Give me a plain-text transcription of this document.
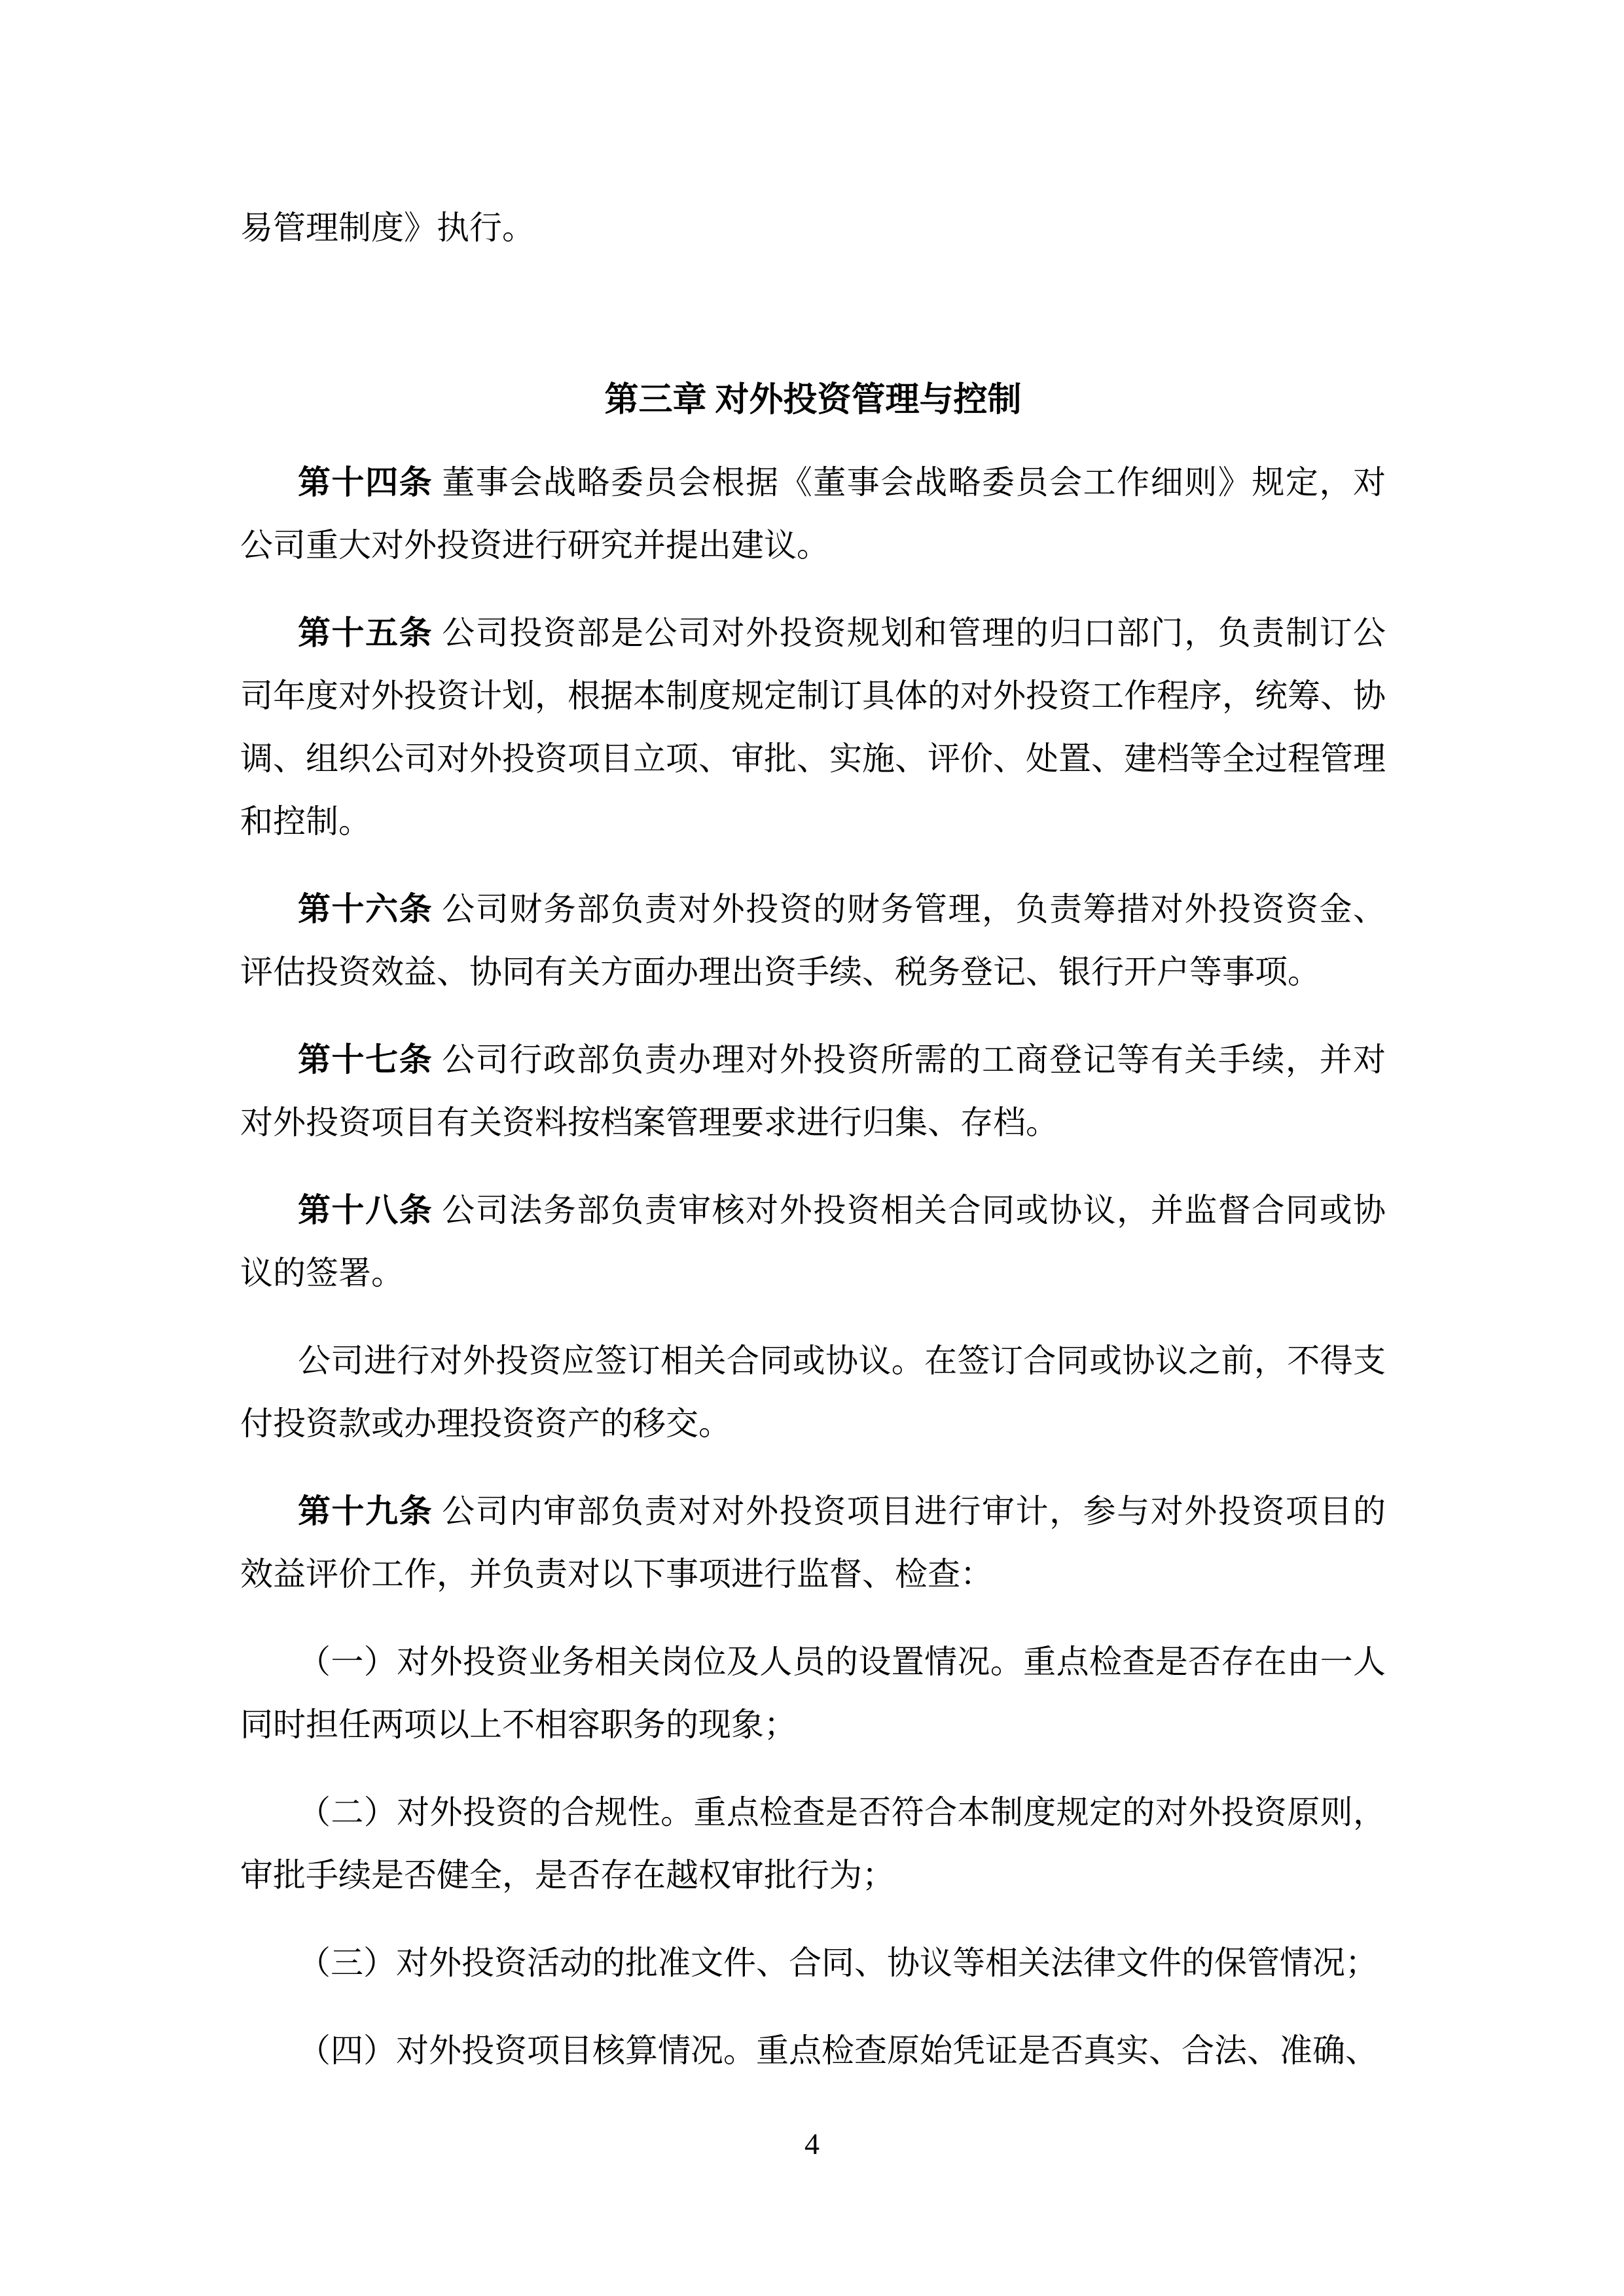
易管理制度》执行。

第三章 对外投资管理与控制

第十四条 董事会战略委员会根据《董事会战略委员会工作细则》规定，对公司重大对外投资进行研究并提出建议。

第十五条 公司投资部是公司对外投资规划和管理的归口部门，负责制订公司年度对外投资计划，根据本制度规定制订具体的对外投资工作程序，统筹、协调、组织公司对外投资项目立项、审批、实施、评价、处置、建档等全过程管理和控制。

第十六条 公司财务部负责对外投资的财务管理，负责筹措对外投资资金、评估投资效益、协同有关方面办理出资手续、税务登记、银行开户等事项。

第十七条 公司行政部负责办理对外投资所需的工商登记等有关手续，并对对外投资项目有关资料按档案管理要求进行归集、存档。

第十八条 公司法务部负责审核对外投资相关合同或协议，并监督合同或协议的签署。

公司进行对外投资应签订相关合同或协议。在签订合同或协议之前，不得支付投资款或办理投资资产的移交。

第十九条 公司内审部负责对对外投资项目进行审计，参与对外投资项目的效益评价工作，并负责对以下事项进行监督、检查：

（一）对外投资业务相关岗位及人员的设置情况。重点检查是否存在由一人同时担任两项以上不相容职务的现象；

（二）对外投资的合规性。重点检查是否符合本制度规定的对外投资原则，审批手续是否健全，是否存在越权审批行为；

（三）对外投资活动的批准文件、合同、协议等相关法律文件的保管情况；

（四）对外投资项目核算情况。重点检查原始凭证是否真实、合法、准确、

4
